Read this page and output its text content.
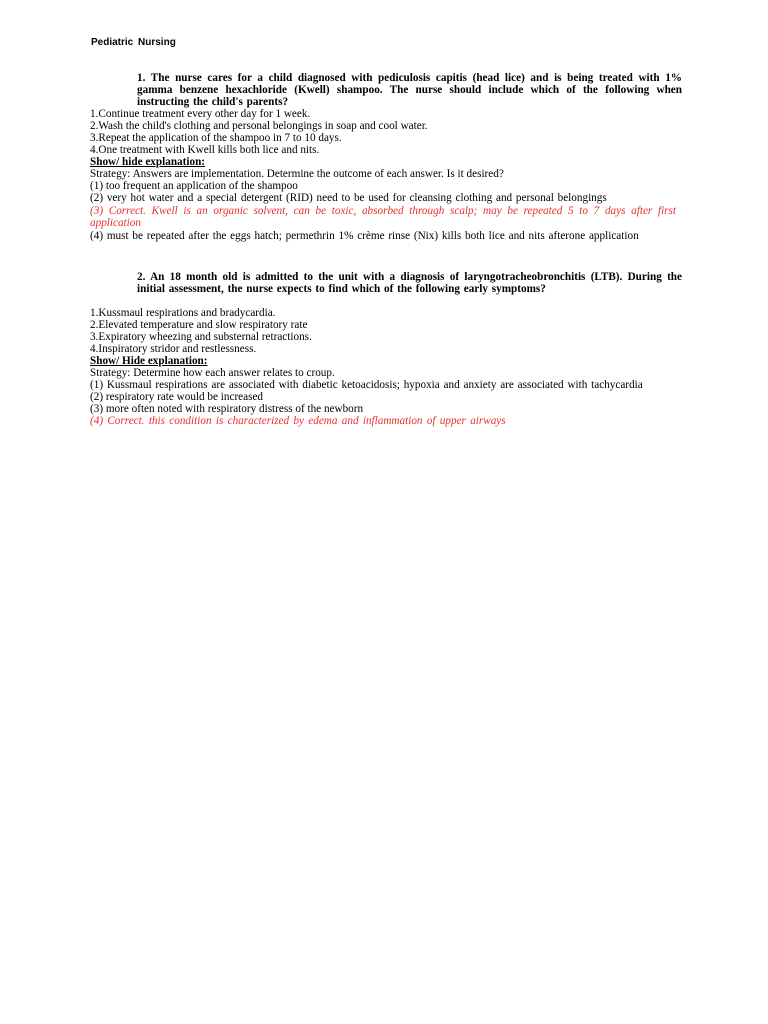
Pediatric Nursing
1. The nurse cares for a child diagnosed with pediculosis capitis (head lice) and is being treated with 1% gamma benzene hexachloride (Kwell) shampoo. The nurse should include which of the following when instructing the child's parents?
1.Continue treatment every other day for 1 week.
2.Wash the child's clothing and personal belongings in soap and cool water.
3.Repeat the application of the shampoo in 7 to 10 days.
4.One treatment with Kwell kills both lice and nits.
Show/ hide explanation:
Strategy: Answers are implementation. Determine the outcome of each answer. Is it desired?
(1) too frequent an application of the shampoo
(2) very hot water and a special detergent (RID) need to be used for cleansing clothing and personal belongings
(3) Correct. Kwell is an organic solvent, can be toxic, absorbed through scalp; may be repeated 5 to 7 days after first application
(4) must be repeated after the eggs hatch; permethrin 1% crème rinse (Nix) kills both lice and nits afterone application
2. An 18 month old is admitted to the unit with a diagnosis of laryngotracheobronchitis (LTB). During the initial assessment, the nurse expects to find which of the following early symptoms?
1.Kussmaul respirations and bradycardia.
2.Elevated temperature and slow respiratory rate
3.Expiratory wheezing and substernal retractions.
4.Inspiratory stridor and restlessness.
Show/ Hide explanation:
Strategy: Determine how each answer relates to croup.
(1) Kussmaul respirations are associated with diabetic ketoacidosis; hypoxia and anxiety are associated with tachycardia
(2) respiratory rate would be increased
(3) more often noted with respiratory distress of the newborn
(4) Correct. this condition is characterized by edema and inflammation of upper airways
